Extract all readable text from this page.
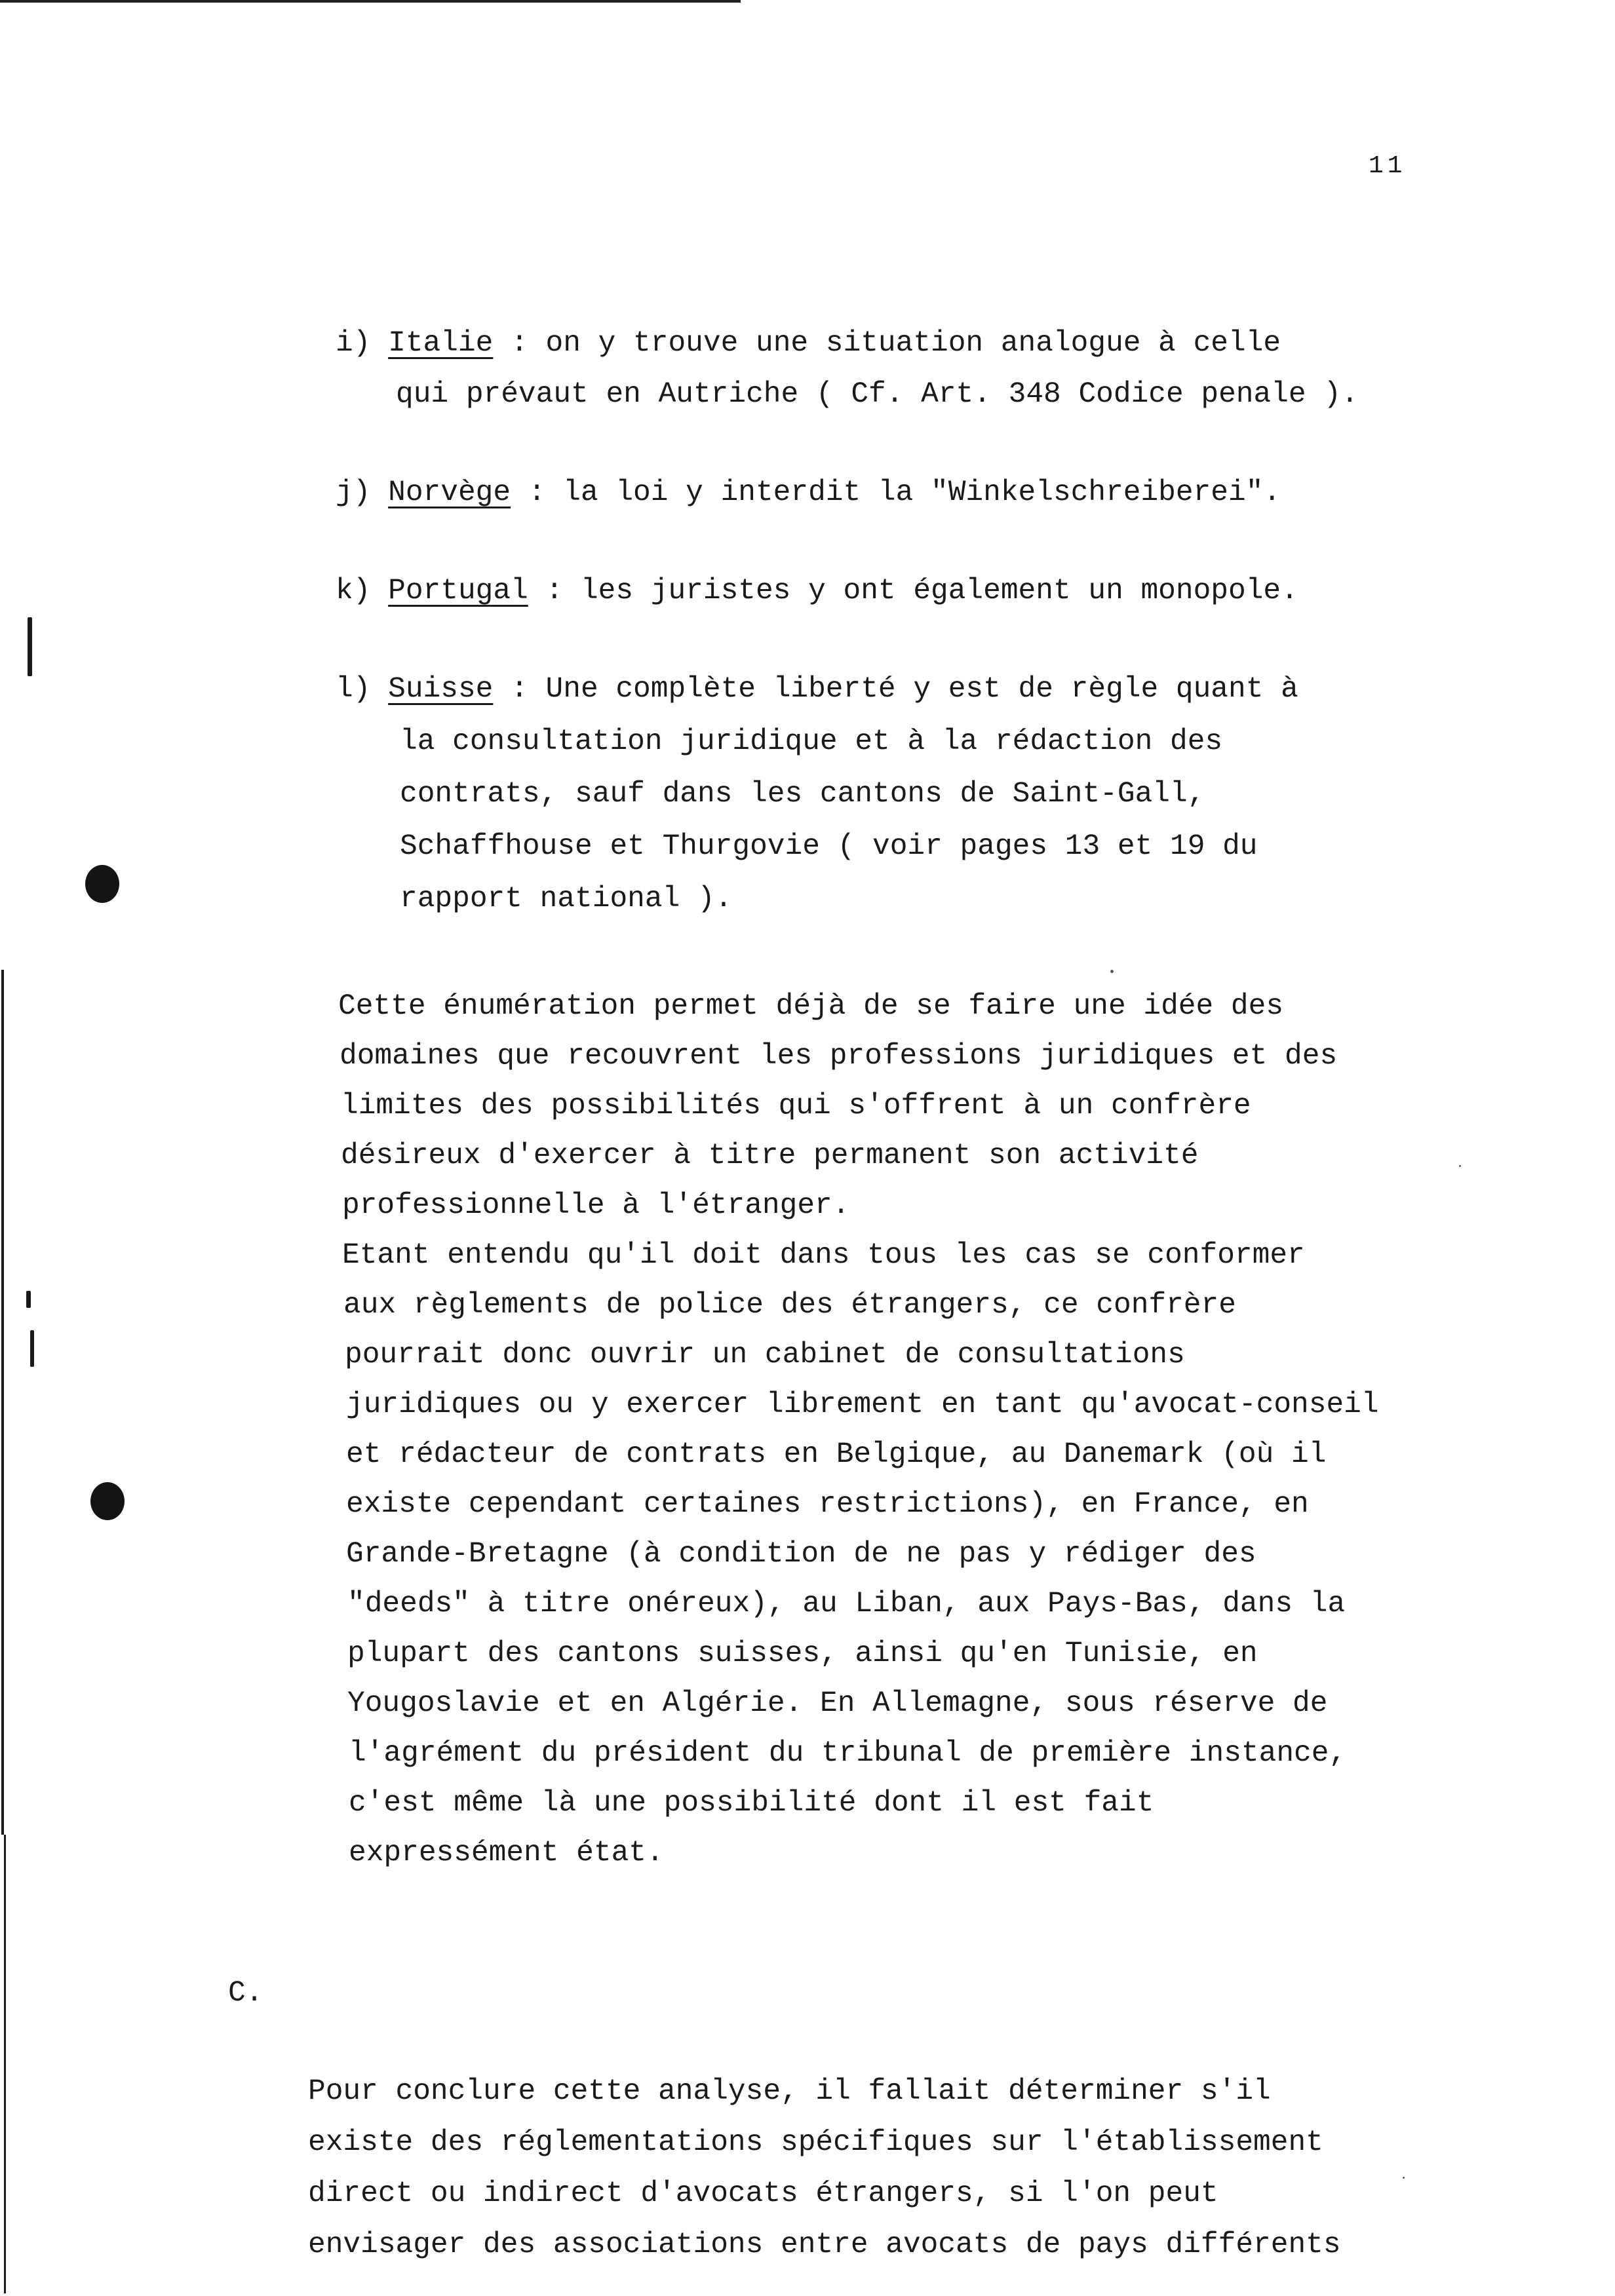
11
i) Italie : on y trouve une situation analogue à celle
qui prévaut en Autriche ( Cf. Art. 348 Codice penale ).
j) Norvège : la loi y interdit la "Winkelschreiberei".
k) Portugal : les juristes y ont également un monopole.
l) Suisse : Une complète liberté y est de règle quant à
la consultation juridique et à la rédaction des
contrats, sauf dans les cantons de Saint-Gall,
Schaffhouse et Thurgovie ( voir pages 13 et 19 du
rapport national ).
Cette énumération permet déjà de se faire une idée des
domaines que recouvrent les professions juridiques et des
limites des possibilités qui s'offrent à un confrère
désireux d'exercer à titre permanent son activité
professionnelle à l'étranger.
Etant entendu qu'il doit dans tous les cas se conformer
aux règlements de police des étrangers, ce confrère
pourrait donc ouvrir un cabinet de consultations
juridiques ou y exercer librement en tant qu'avocat-conseil
et rédacteur de contrats en Belgique, au Danemark (où il
existe cependant certaines restrictions), en France, en
Grande-Bretagne (à condition de ne pas y rédiger des
"deeds" à titre onéreux), au Liban, aux Pays-Bas, dans la
plupart des cantons suisses, ainsi qu'en Tunisie, en
Yougoslavie et en Algérie. En Allemagne, sous réserve de
l'agrément du président du tribunal de première instance,
c'est même là une possibilité dont il est fait
expressément état.
C.
Pour conclure cette analyse, il fallait déterminer s'il
existe des réglementations spécifiques sur l'établissement
direct ou indirect d'avocats étrangers, si l'on peut
envisager des associations entre avocats de pays différents
